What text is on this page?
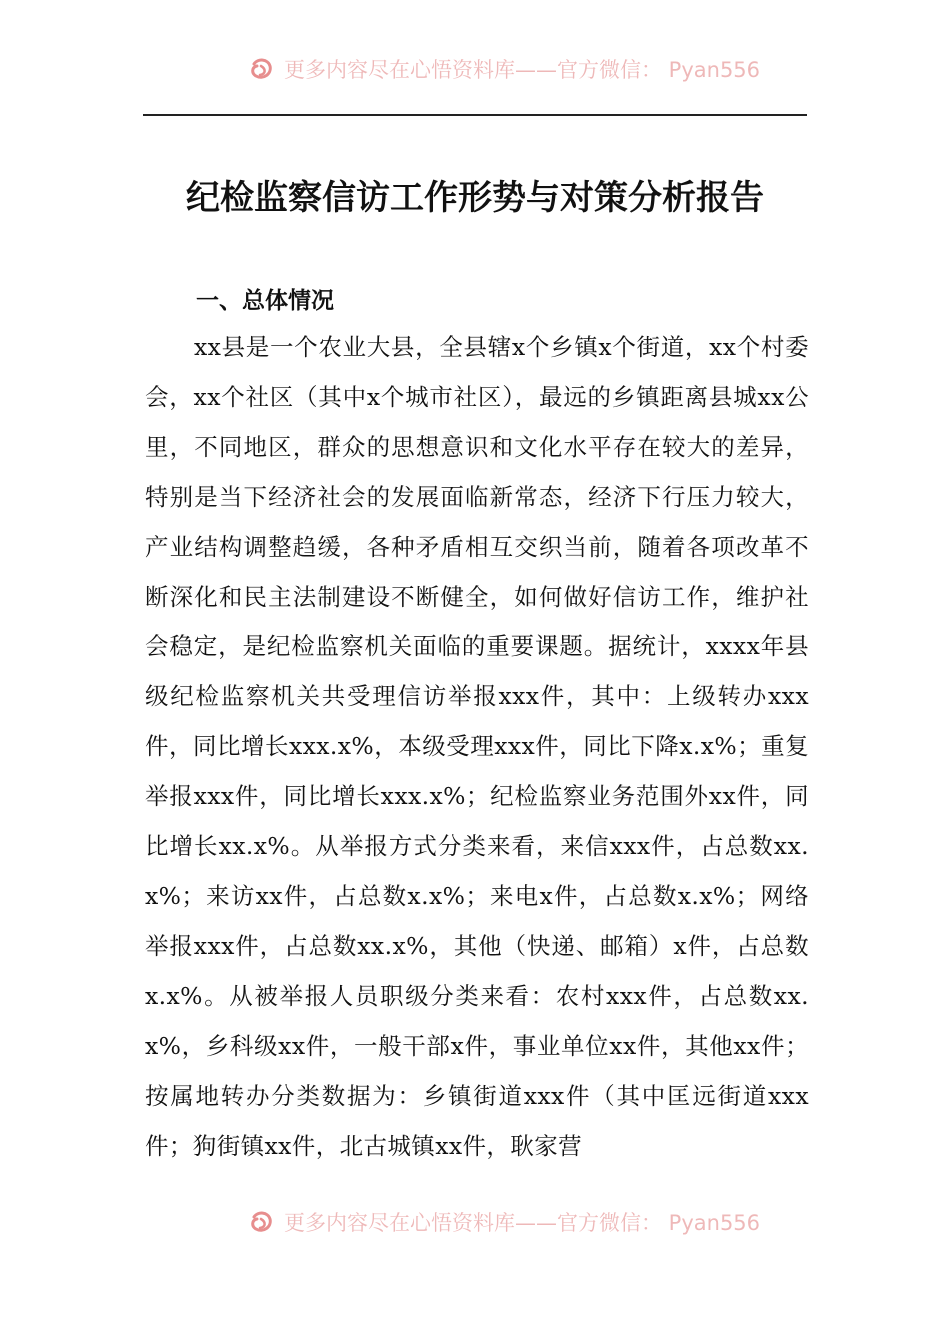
更多内容尽在心悟资料库——官方微信： Pyan556
纪检监察信访工作形势与对策分析报告
一、总体情况

xx县是一个农业大县，全县辖x个乡镇x个街道，xx个村委会，xx个社区（其中x个城市社区），最远的乡镇距离县城xx公里，不同地区，群众的思想意识和文化水平存在较大的差异，特别是当下经济社会的发展面临新常态，经济下行压力较大，产业结构调整趋缓，各种矛盾相互交织当前，随着各项改革不断深化和民主法制建设不断健全，如何做好信访工作，维护社会稳定，是纪检监察机关面临的重要课题。据统计，xxxx年县级纪检监察机关共受理信访举报xxx件，其中：上级转办xxx件，同比增长xxx.x%，本级受理xxx件，同比下降x.x%；重复举报xxx件，同比增长xxx.x%；纪检监察业务范围外xx件，同比增长xx.x%。从举报方式分类来看，来信xxx件，占总数xx.x%；来访xx件，占总数x.x%；来电x件，占总数x.x%；网络举报xxx件，占总数xx.x%，其他（快递、邮箱）x件，占总数x.x%。从被举报人员职级分类来看：农村xxx件，占总数xx.x%，乡科级xx件，一般干部x件，事业单位xx件，其他xx件；按属地转办分类数据为：乡镇街道xxx件（其中匡远街道xxx件；狗街镇xx件，北古城镇xx件，耿家营

更多内容尽在心悟资料库——官方微信： Pyan556
